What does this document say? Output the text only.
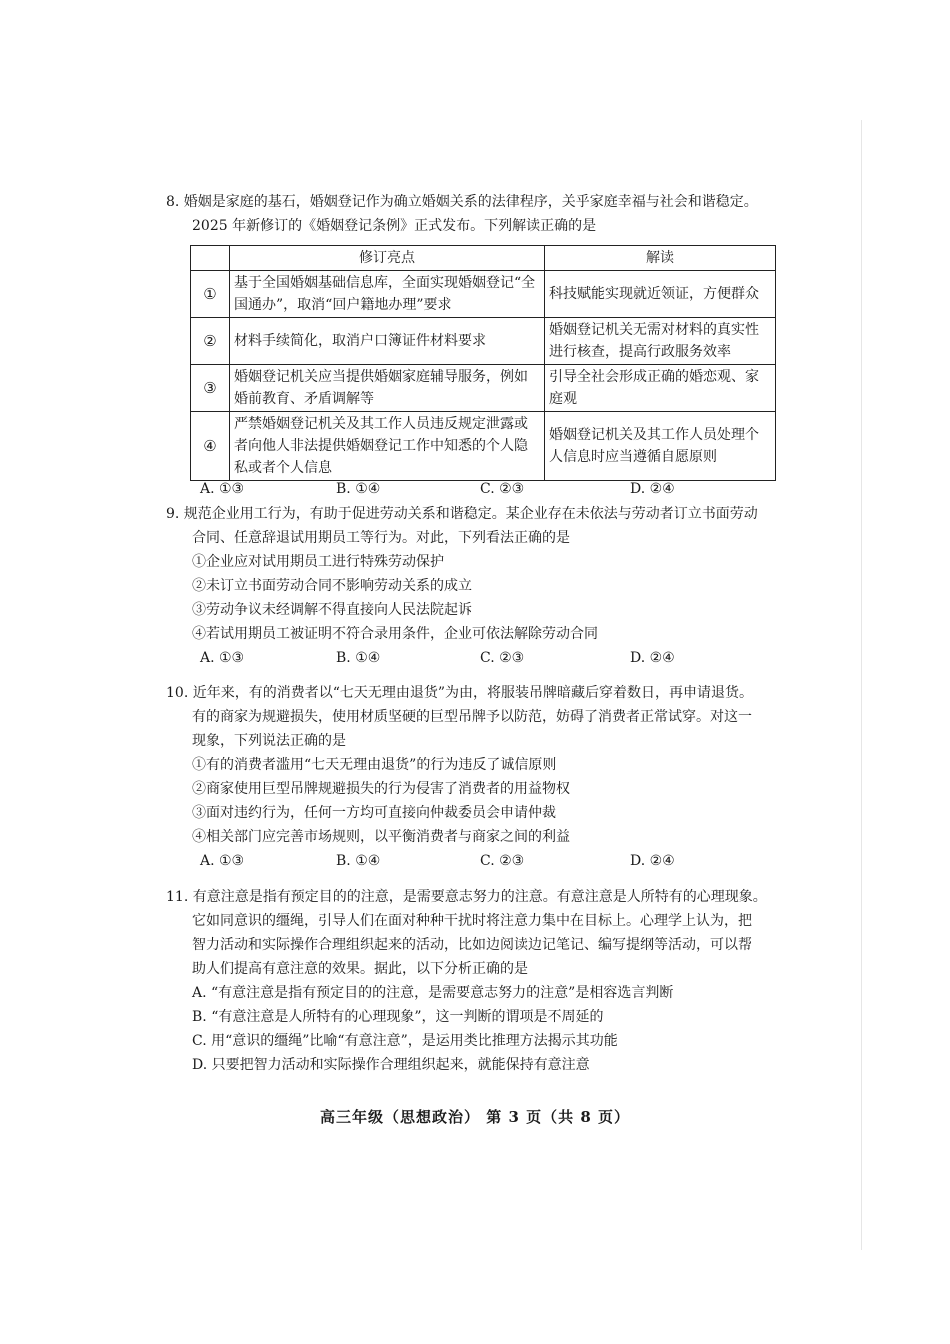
8. 婚姻是家庭的基石，婚姻登记作为确立婚姻关系的法律程序，关乎家庭幸福与社会和谐稳定。
2025 年新修订的《婚姻登记条例》正式发布。下列解读正确的是
	修订亮点	解读
①	基于全国婚姻基础信息库，全面实现婚姻登记“全国通办”，取消“回户籍地办理”要求	科技赋能实现就近领证，方便群众
②	材料手续简化，取消户口簿证件材料要求	婚姻登记机关无需对材料的真实性进行核查，提高行政服务效率
③	婚姻登记机关应当提供婚姻家庭辅导服务，例如婚前教育、矛盾调解等	引导全社会形成正确的婚恋观、家庭观
④	严禁婚姻登记机关及其工作人员违反规定泄露或者向他人非法提供婚姻登记工作中知悉的个人隐私或者个人信息	婚姻登记机关及其工作人员处理个人信息时应当遵循自愿原则
A. ①③	B. ①④	C. ②③	D. ②④
9. 规范企业用工行为，有助于促进劳动关系和谐稳定。某企业存在未依法与劳动者订立书面劳动
合同、任意辞退试用期员工等行为。对此，下列看法正确的是
①企业应对试用期员工进行特殊劳动保护
②未订立书面劳动合同不影响劳动关系的成立
③劳动争议未经调解不得直接向人民法院起诉
④若试用期员工被证明不符合录用条件，企业可依法解除劳动合同
A. ①③	B. ①④	C. ②③	D. ②④
10. 近年来，有的消费者以“七天无理由退货”为由，将服装吊牌暗藏后穿着数日，再申请退货。
有的商家为规避损失，使用材质坚硬的巨型吊牌予以防范，妨碍了消费者正常试穿。对这一
现象，下列说法正确的是
①有的消费者滥用“七天无理由退货”的行为违反了诚信原则
②商家使用巨型吊牌规避损失的行为侵害了消费者的用益物权
③面对违约行为，任何一方均可直接向仲裁委员会申请仲裁
④相关部门应完善市场规则，以平衡消费者与商家之间的利益
A. ①③	B. ①④	C. ②③	D. ②④
11. 有意注意是指有预定目的的注意，是需要意志努力的注意。有意注意是人所特有的心理现象。
它如同意识的缰绳，引导人们在面对种种干扰时将注意力集中在目标上。心理学上认为，把
智力活动和实际操作合理组织起来的活动，比如边阅读边记笔记、编写提纲等活动，可以帮
助人们提高有意注意的效果。据此，以下分析正确的是
A. “有意注意是指有预定目的的注意，是需要意志努力的注意”是相容选言判断
B. “有意注意是人所特有的心理现象”，这一判断的谓项是不周延的
C. 用“意识的缰绳”比喻“有意注意”，是运用类比推理方法揭示其功能
D. 只要把智力活动和实际操作合理组织起来，就能保持有意注意
高三年级（思想政治） 第 3 页（共 8 页）
